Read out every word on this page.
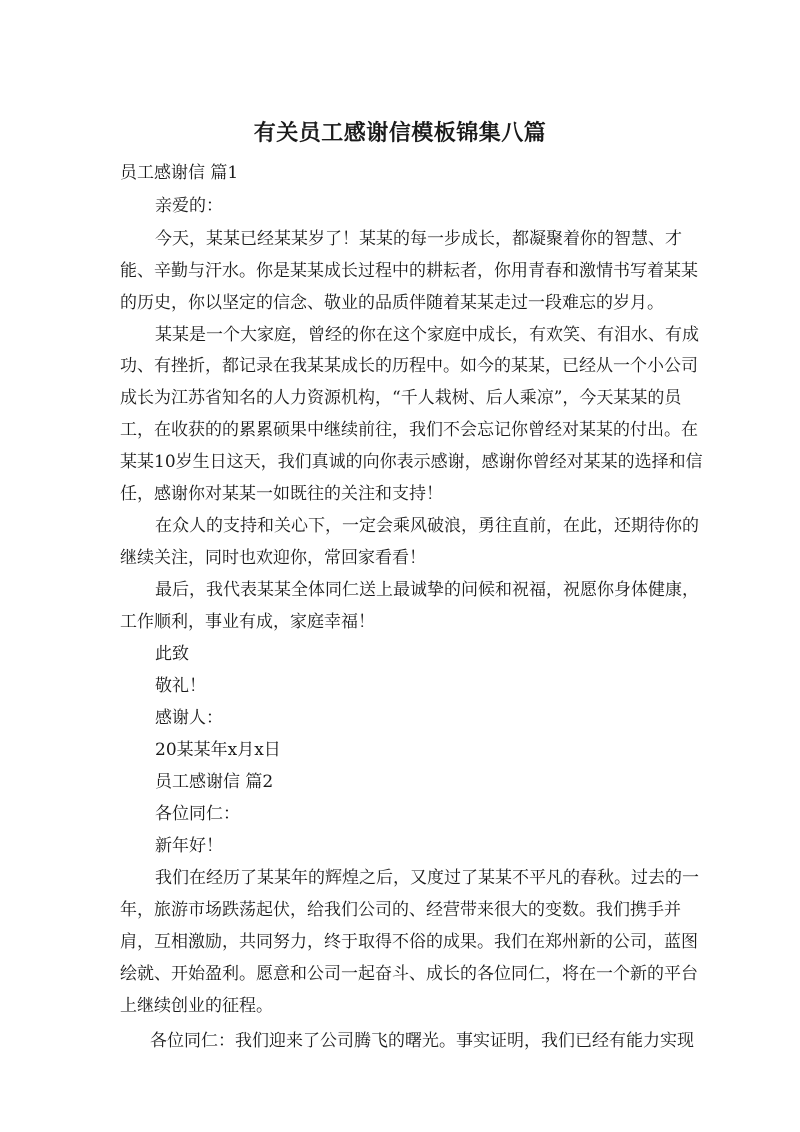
有关员工感谢信模板锦集八篇
员工感谢信 篇1
亲爱的：
今天，某某已经某某岁了！某某的每一步成长，都凝聚着你的智慧、才
能、辛勤与汗水。你是某某成长过程中的耕耘者，你用青春和激情书写着某某
的历史，你以坚定的信念、敬业的品质伴随着某某走过一段难忘的岁月。
某某是一个大家庭，曾经的你在这个家庭中成长，有欢笑、有泪水、有成
功、有挫折，都记录在我某某成长的历程中。如今的某某，已经从一个小公司
成长为江苏省知名的人力资源机构，“千人栽树、后人乘凉”，今天某某的员
工，在收获的的累累硕果中继续前往，我们不会忘记你曾经对某某的付出。在
某某10岁生日这天，我们真诚的向你表示感谢，感谢你曾经对某某的选择和信
任，感谢你对某某一如既往的关注和支持！
在众人的支持和关心下，一定会乘风破浪，勇往直前，在此，还期待你的
继续关注，同时也欢迎你，常回家看看！
最后，我代表某某全体同仁送上最诚挚的问候和祝福，祝愿你身体健康，
工作顺利，事业有成，家庭幸福！
此致
敬礼！
感谢人：
20某某年x月x日
员工感谢信 篇2
各位同仁：
新年好！
我们在经历了某某年的辉煌之后，又度过了某某不平凡的春秋。过去的一
年，旅游市场跌荡起伏，给我们公司的、经营带来很大的变数。我们携手并
肩，互相激励，共同努力，终于取得不俗的成果。我们在郑州新的公司，蓝图
绘就、开始盈利。愿意和公司一起奋斗、成长的各位同仁，将在一个新的平台
上继续创业的征程。
各位同仁：我们迎来了公司腾飞的曙光。事实证明，我们已经有能力实现
